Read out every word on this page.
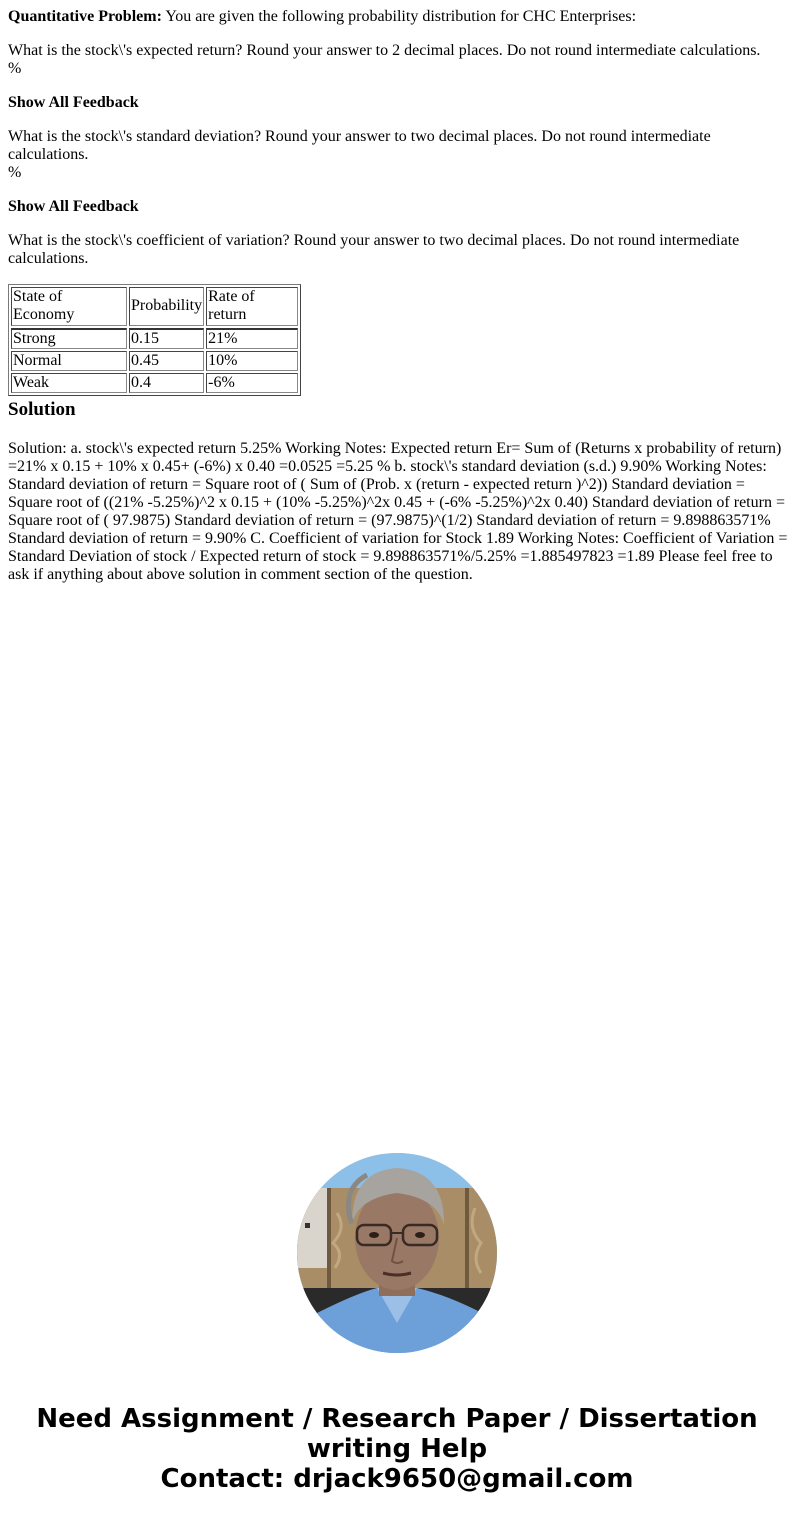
Quantitative Problem: You are given the following probability distribution for CHC Enterprises:

What is the stock\'s expected return? Round your answer to 2 decimal places. Do not round intermediate calculations.
%

Show All Feedback

What is the stock\'s standard deviation? Round your answer to two decimal places. Do not round intermediate calculations.
%

Show All Feedback

What is the stock\'s coefficient of variation? Round your answer to two decimal places. Do not round intermediate calculations.

State of Economy	Probability	Rate of return
Strong	0.15	21%
Normal	0.45	10%
Weak	0.4	-6%
Solution

Solution: a. stock\'s expected return 5.25% Working Notes: Expected return Er= Sum of (Returns x probability of return) =21% x 0.15 + 10% x 0.45+ (-6%) x 0.40 =0.0525 =5.25 % b. stock\'s standard deviation (s.d.) 9.90% Working Notes: Standard deviation of return = Square root of ( Sum of (Prob. x (return - expected return )^2)) Standard deviation = Square root of ((21% -5.25%)^2 x 0.15 + (10% -5.25%)^2x 0.45 + (-6% -5.25%)^2x 0.40) Standard deviation of return = Square root of ( 97.9875) Standard deviation of return = (97.9875)^(1/2) Standard deviation of return = 9.898863571% Standard deviation of return = 9.90% C. Coefficient of variation for Stock 1.89 Working Notes: Coefficient of Variation = Standard Deviation of stock / Expected return of stock = 9.898863571%/5.25% =1.885497823 =1.89 Please feel free to ask if anything about above solution in comment section of the question.

Need Assignment / Research Paper / Dissertation
writing Help
Contact: drjack9650@gmail.com
